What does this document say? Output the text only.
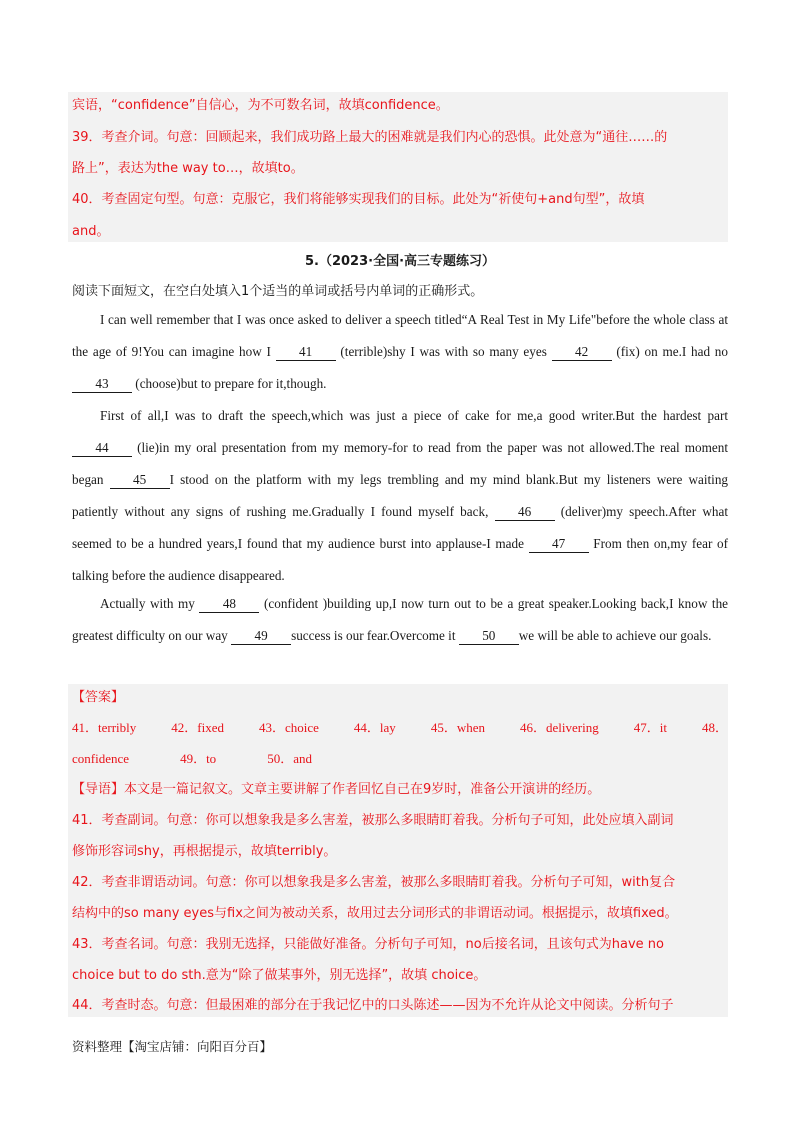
宾语，“confidence”自信心，为不可数名词，故填confidence。
39．考查介词。句意：回顾起来，我们成功路上最大的困难就是我们内心的恐惧。此处意为“通往……的
路上”，表达为the way to…，故填to。
40．考查固定句型。句意：克服它，我们将能够实现我们的目标。此处为“祈使句+and句型”，故填
and。
5.（2023·全国·高三专题练习）
阅读下面短文，在空白处填入1个适当的单词或括号内单词的正确形式。

I can well remember that I was once asked to deliver a speech titled“A Real Test in My Life"before the whole class at the age of 9!You can imagine how I 41 (terrible)shy I was with so many eyes 42 (fix) on me.I had no43 (choose)but to prepare for it,though.

First of all,I was to draft the speech,which was just a piece of cake for me,a good writer.But the hardest part 44 (lie)in my oral presentation from my memory-for to read from the paper was not allowed.The real moment began 45 I stood on the platform with my legs trembling and my mind blank.But my listeners were waiting patiently without any signs of rushing me.Gradually I found myself back, 46 (deliver)my speech.After what seemed to be a hundred years,I found that my audience burst into applause-I made 47 From then on,my fear of talking before the audience disappeared.

Actually with my 48 (confident )building up,I now turn out to be a great speaker.Looking back,I know the greatest difficulty on our way 49 success is our fear.Overcome it 50 we will be able to achieve our goals.

【答案】
41．terribly	42．fixed	43．choice	44．lay	45．when	46．delivering	47．it	48．
confidence	49．to	50．and
【导语】本文是一篇记叙文。文章主要讲解了作者回忆自己在9岁时，准备公开演讲的经历。
41．考查副词。句意：你可以想象我是多么害羞，被那么多眼睛盯着我。分析句子可知，此处应填入副词
修饰形容词shy，再根据提示，故填terribly。
42．考查非谓语动词。句意：你可以想象我是多么害羞，被那么多眼睛盯着我。分析句子可知，with复合
结构中的so many eyes与fix之间为被动关系，故用过去分词形式的非谓语动词。根据提示，故填fixed。
43．考查名词。句意：我别无选择，只能做好准备。分析句子可知，no后接名词，且该句式为have no
choice but to do sth.意为“除了做某事外，别无选择”，故填 choice。
44．考查时态。句意：但最困难的部分在于我记忆中的口头陈述——因为不允许从论文中阅读。分析句子
资料整理【淘宝店铺：向阳百分百】
